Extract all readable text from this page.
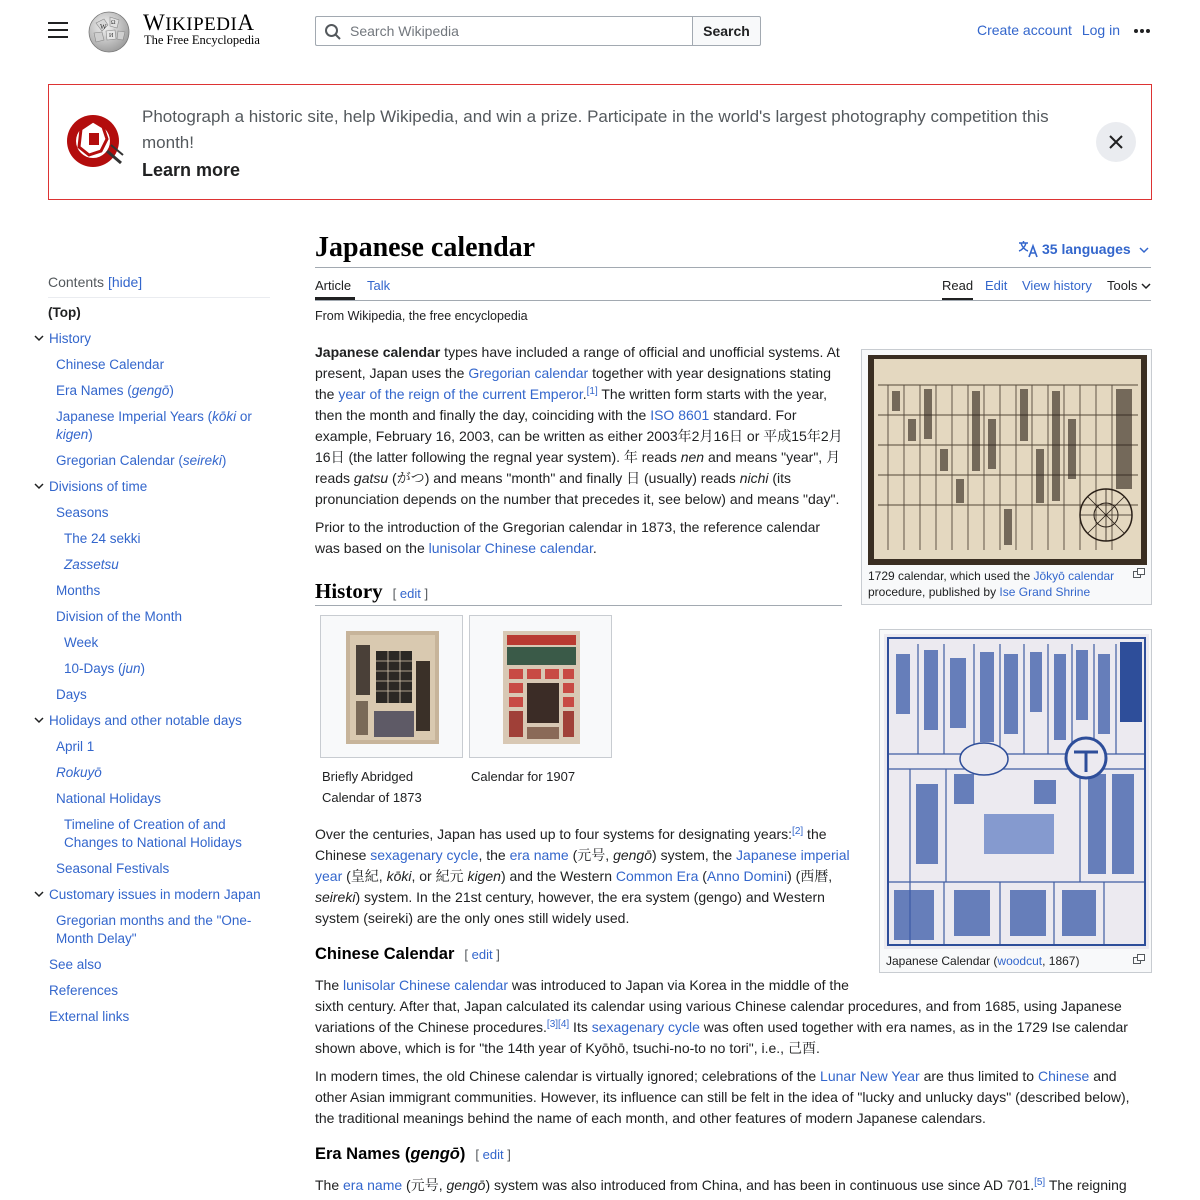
W Ω
И
WIKIPEDIA
The Free Encyclopedia
Search Wikipedia
Search	Create account Log in
Photograph a historic site, help Wikipedia, and win a prize. Participate in the world's largest photography competition this month!
Learn more
Contents [hide]
(Top)
History
Chinese Calendar
Era Names (gengō)
Japanese Imperial Years (kōki or kigen)
Gregorian Calendar (seireki)
Divisions of time
Seasons
The 24 sekki
Zassetsu
Months
Division of the Month
Week
10-Days (jun)
Days
Holidays and other notable days
April 1
Rokuyō
National Holidays
Timeline of Creation of and Changes to National Holidays
Seasonal Festivals
Customary issues in modern Japan
Gregorian months and the "One-Month Delay"
See also
References
External links
Japanese calendar	35 languages
Article Talk	Read Edit View history Tools
From Wikipedia, the free encyclopedia
Japanese calendar types have included a range of official and unofficial systems. At present, Japan uses the Gregorian calendar together with year designations stating the year of the reign of the current Emperor.[1] The written form starts with the year, then the month and finally the day, coinciding with the ISO 8601 standard. For example, February 16, 2003, can be written as either 2003年2月16日 or 平成15年2月16日 (the latter following the regnal year system). 年 reads nen and means "year", 月 reads gatsu (がつ) and means "month" and finally 日 (usually) reads nichi (its pronunciation depends on the number that precedes it, see below) and means "day".
Prior to the introduction of the Gregorian calendar in 1873, the reference calendar was based on the lunisolar Chinese calendar.
1729 calendar, which used the Jōkyō calendar procedure, published by Ise Grand Shrine
History [ edit ]
Briefly Abridged Calendar of 1873
Calendar for 1907
Japanese Calendar (woodcut, 1867)
Over the centuries, Japan has used up to four systems for designating years:[2] the Chinese sexagenary cycle, the era name (元号, gengō) system, the Japanese imperial year (皇紀, kōki, or 紀元 kigen) and the Western Common Era (Anno Domini) (西暦, seireki) system. In the 21st century, however, the era system (gengo) and Western system (seireki) are the only ones still widely used.
Chinese Calendar [ edit ]
The lunisolar Chinese calendar was introduced to Japan via Korea in the middle of the
sixth century. After that, Japan calculated its calendar using various Chinese calendar procedures, and from 1685, using Japanese variations of the Chinese procedures.[3][4] Its sexagenary cycle was often used together with era names, as in the 1729 Ise calendar shown above, which is for "the 14th year of Kyōhō, tsuchi-no-to no tori", i.e., 己酉.
In modern times, the old Chinese calendar is virtually ignored; celebrations of the Lunar New Year are thus limited to Chinese and other Asian immigrant communities. However, its influence can still be felt in the idea of "lucky and unlucky days" (described below), the traditional meanings behind the name of each month, and other features of modern Japanese calendars.
Era Names (gengō) [ edit ]
The era name (元号, gengō) system was also introduced from China, and has been in continuous use since AD 701.[5] The reigning
